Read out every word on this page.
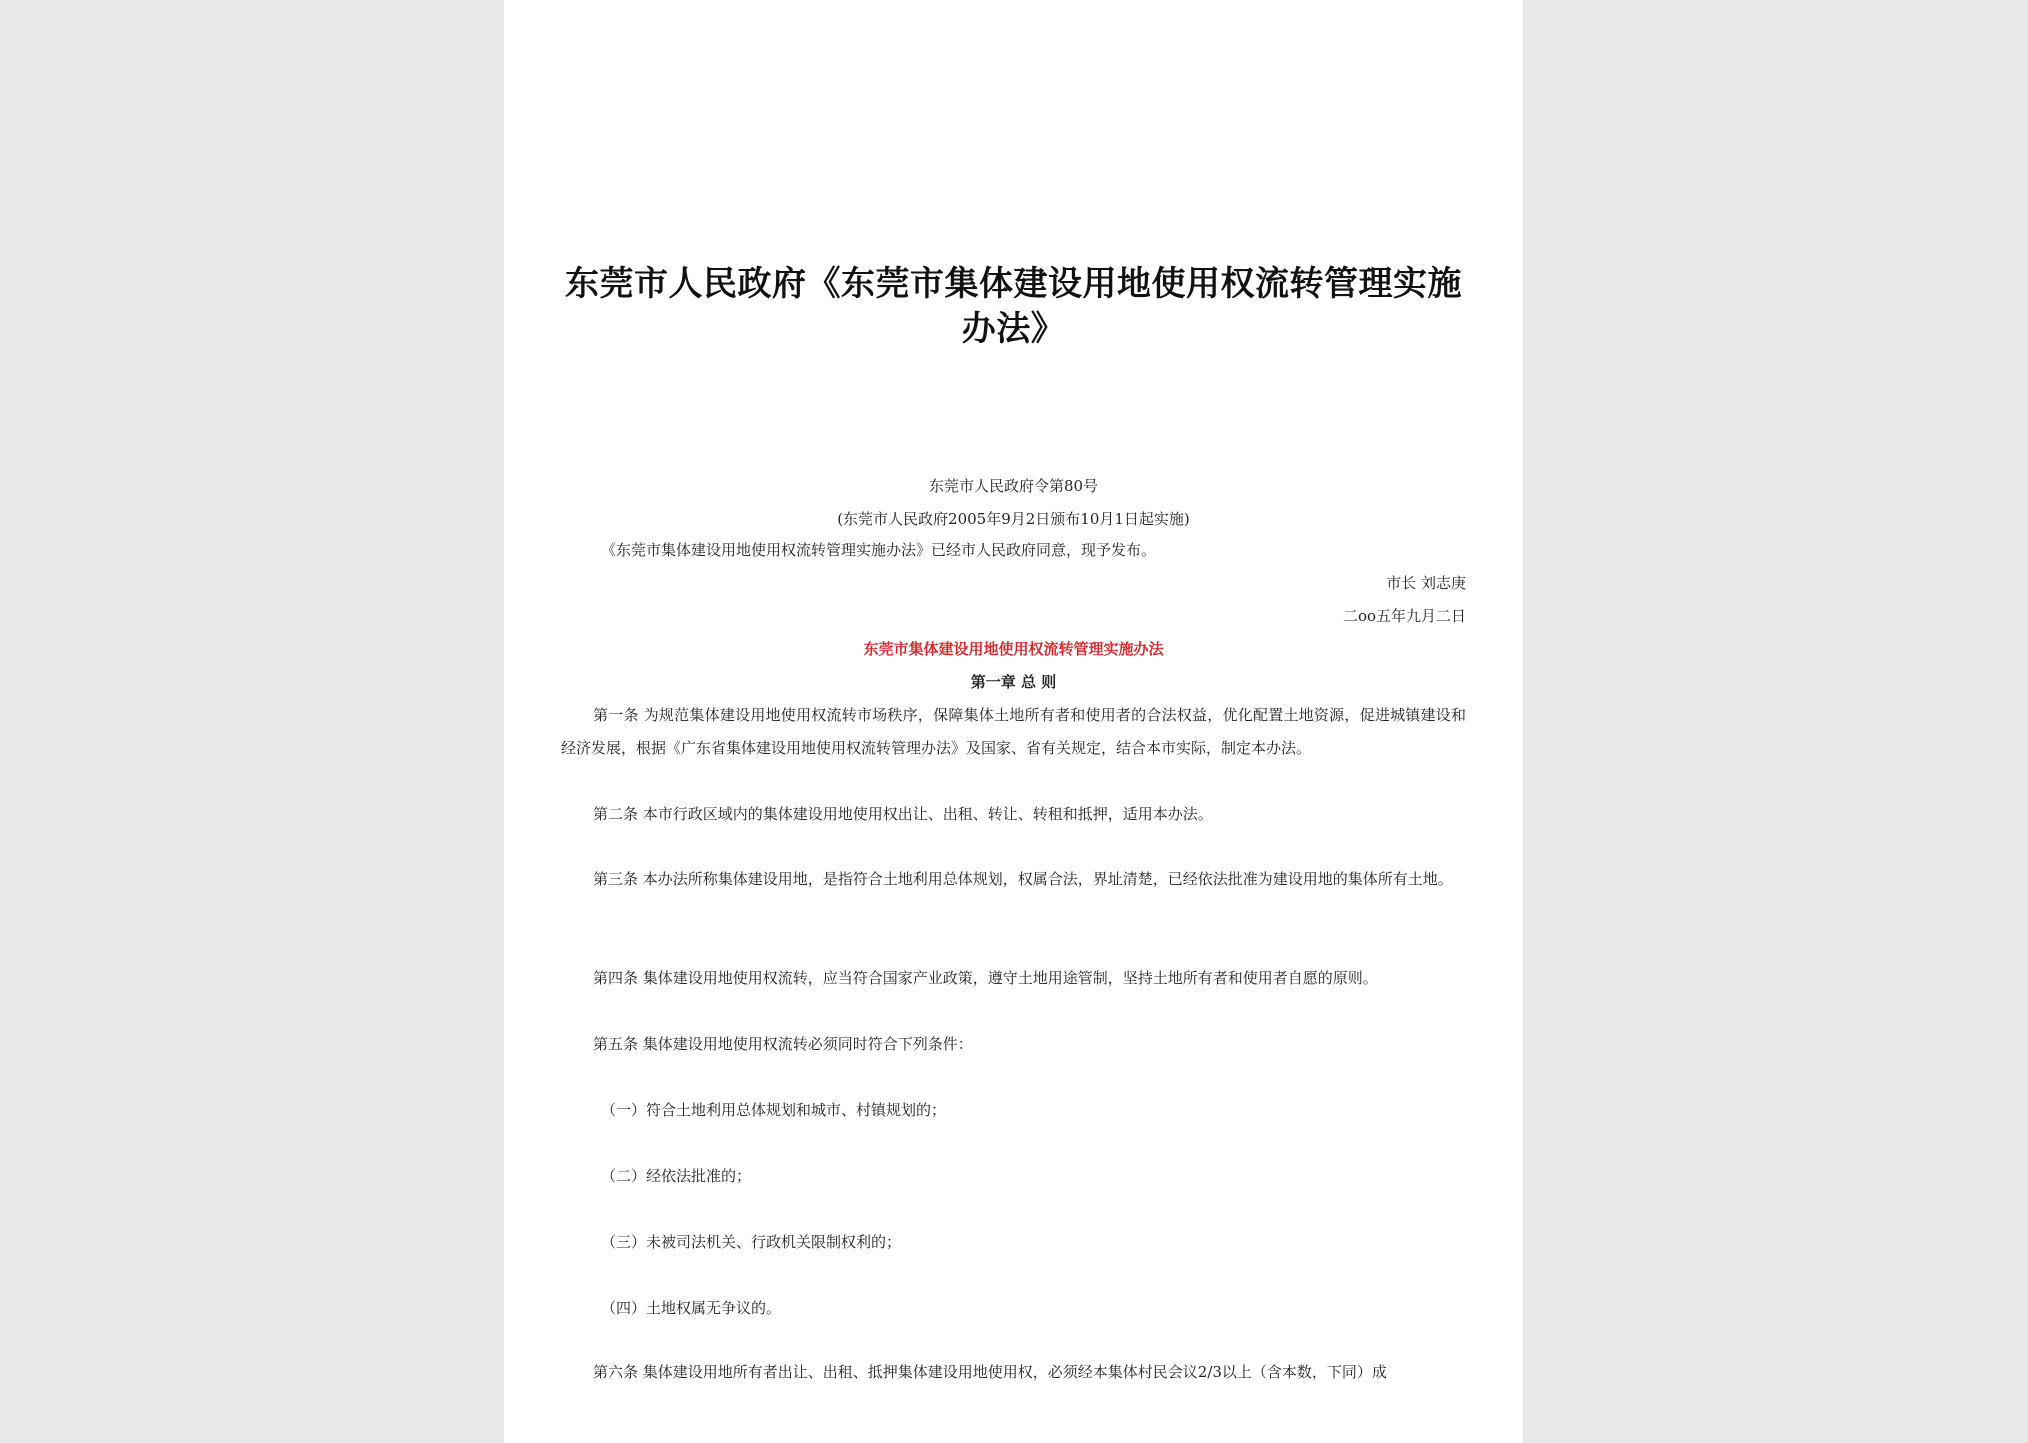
东莞市人民政府《东莞市集体建设用地使用权流转管理实施办法》
东莞市人民政府令第80号
(东莞市人民政府2005年9月2日颁布10月1日起实施)
《东莞市集体建设用地使用权流转管理实施办法》已经市人民政府同意，现予发布。
市长 刘志庚
二oo五年九月二日
东莞市集体建设用地使用权流转管理实施办法
第一章 总 则
第一条 为规范集体建设用地使用权流转市场秩序，保障集体土地所有者和使用者的合法权益，优化配置土地资源，促进城镇建设和经济发展，根据《广东省集体建设用地使用权流转管理办法》及国家、省有关规定，结合本市实际，制定本办法。
第二条 本市行政区域内的集体建设用地使用权出让、出租、转让、转租和抵押，适用本办法。
第三条 本办法所称集体建设用地，是指符合土地利用总体规划，权属合法，界址清楚，已经依法批准为建设用地的集体所有土地。
第四条 集体建设用地使用权流转，应当符合国家产业政策，遵守土地用途管制，坚持土地所有者和使用者自愿的原则。
第五条 集体建设用地使用权流转必须同时符合下列条件：
（一）符合土地利用总体规划和城市、村镇规划的；
（二）经依法批准的；
（三）未被司法机关、行政机关限制权利的；
（四）土地权属无争议的。
第六条 集体建设用地所有者出让、出租、抵押集体建设用地使用权，必须经本集体村民会议2/3以上（含本数，下同）成
